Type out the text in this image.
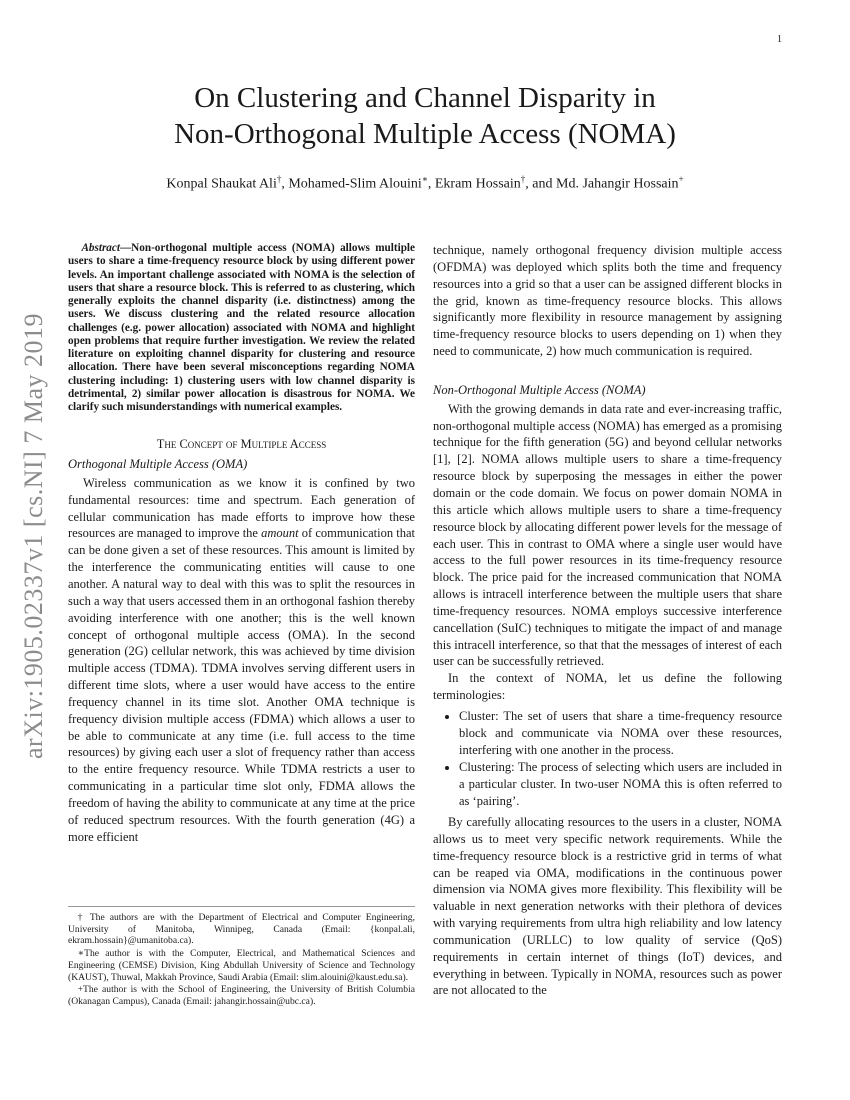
1
arXiv:1905.02337v1 [cs.NI] 7 May 2019
On Clustering and Channel Disparity in
Non-Orthogonal Multiple Access (NOMA)
Konpal Shaukat Ali†, Mohamed-Slim Alouini∗, Ekram Hossain†, and Md. Jahangir Hossain+

Abstract—Non-orthogonal multiple access (NOMA) allows multiple users to share a time-frequency resource block by using different power levels. An important challenge associated with NOMA is the selection of users that share a resource block. This is referred to as clustering, which generally exploits the channel disparity (i.e. distinctness) among the users. We discuss clustering and the related resource allocation challenges (e.g. power allocation) associated with NOMA and highlight open problems that require further investigation. We review the related literature on exploiting channel disparity for clustering and resource allocation. There have been several misconceptions regarding NOMA clustering including: 1) clustering users with low channel disparity is detrimental, 2) similar power allocation is disastrous for NOMA. We clarify such misunderstandings with numerical examples.

The Concept of Multiple Access
Orthogonal Multiple Access (OMA)

Wireless communication as we know it is confined by two fundamental resources: time and spectrum. Each generation of cellular communication has made efforts to improve how these resources are managed to improve the amount of communication that can be done given a set of these resources. This amount is limited by the interference the communicating entities will cause to one another. A natural way to deal with this was to split the resources in such a way that users accessed them in an orthogonal fashion thereby avoiding interference with one another; this is the well known concept of orthogonal multiple access (OMA). In the second generation (2G) cellular network, this was achieved by time division multiple access (TDMA). TDMA involves serving different users in different time slots, where a user would have access to the entire frequency channel in its time slot. Another OMA technique is frequency division multiple access (FDMA) which allows a user to be able to communicate at any time (i.e. full access to the time resources) by giving each user a slot of frequency rather than access to the entire frequency resource. While TDMA restricts a user to communicating in a particular time slot only, FDMA allows the freedom of having the ability to communicate at any time at the price of reduced spectrum resources. With the fourth generation (4G) a more efficient

† The authors are with the Department of Electrical and Computer Engineering, University of Manitoba, Winnipeg, Canada (Email: {konpal.ali, ekram.hossain}@umanitoba.ca).

∗The author is with the Computer, Electrical, and Mathematical Sciences and Engineering (CEMSE) Division, King Abdullah University of Science and Technology (KAUST), Thuwal, Makkah Province, Saudi Arabia (Email: slim.alouini@kaust.edu.sa).

+The author is with the School of Engineering, the University of British Columbia (Okanagan Campus), Canada (Email: jahangir.hossain@ubc.ca).

technique, namely orthogonal frequency division multiple access (OFDMA) was deployed which splits both the time and frequency resources into a grid so that a user can be assigned different blocks in the grid, known as time-frequency resource blocks. This allows significantly more flexibility in resource management by assigning time-frequency resource blocks to users depending on 1) when they need to communicate, 2) how much communication is required.

Non-Orthogonal Multiple Access (NOMA)

With the growing demands in data rate and ever-increasing traffic, non-orthogonal multiple access (NOMA) has emerged as a promising technique for the fifth generation (5G) and beyond cellular networks [1], [2]. NOMA allows multiple users to share a time-frequency resource block by superposing the messages in either the power domain or the code domain. We focus on power domain NOMA in this article which allows multiple users to share a time-frequency resource block by allocating different power levels for the message of each user. This in contrast to OMA where a single user would have access to the full power resources in its time-frequency resource block. The price paid for the increased communication that NOMA allows is intracell interference between the multiple users that share time-frequency resources. NOMA employs successive interference cancellation (SuIC) techniques to mitigate the impact of and manage this intracell interference, so that that the messages of interest of each user can be successfully retrieved.

In the context of NOMA, let us define the following terminologies:

• Cluster: The set of users that share a time-frequency resource block and communicate via NOMA over these resources, interfering with one another in the process.
• Clustering: The process of selecting which users are included in a particular cluster. In two-user NOMA this is often referred to as ‘pairing’.

By carefully allocating resources to the users in a cluster, NOMA allows us to meet very specific network requirements. While the time-frequency resource block is a restrictive grid in terms of what can be reaped via OMA, modifications in the continuous power dimension via NOMA gives more flexibility. This flexibility will be valuable in next generation networks with their plethora of devices with varying requirements from ultra high reliability and low latency communication (URLLC) to low quality of service (QoS) requirements in certain internet of things (IoT) devices, and everything in between. Typically in NOMA, resources such as power are not allocated to the
